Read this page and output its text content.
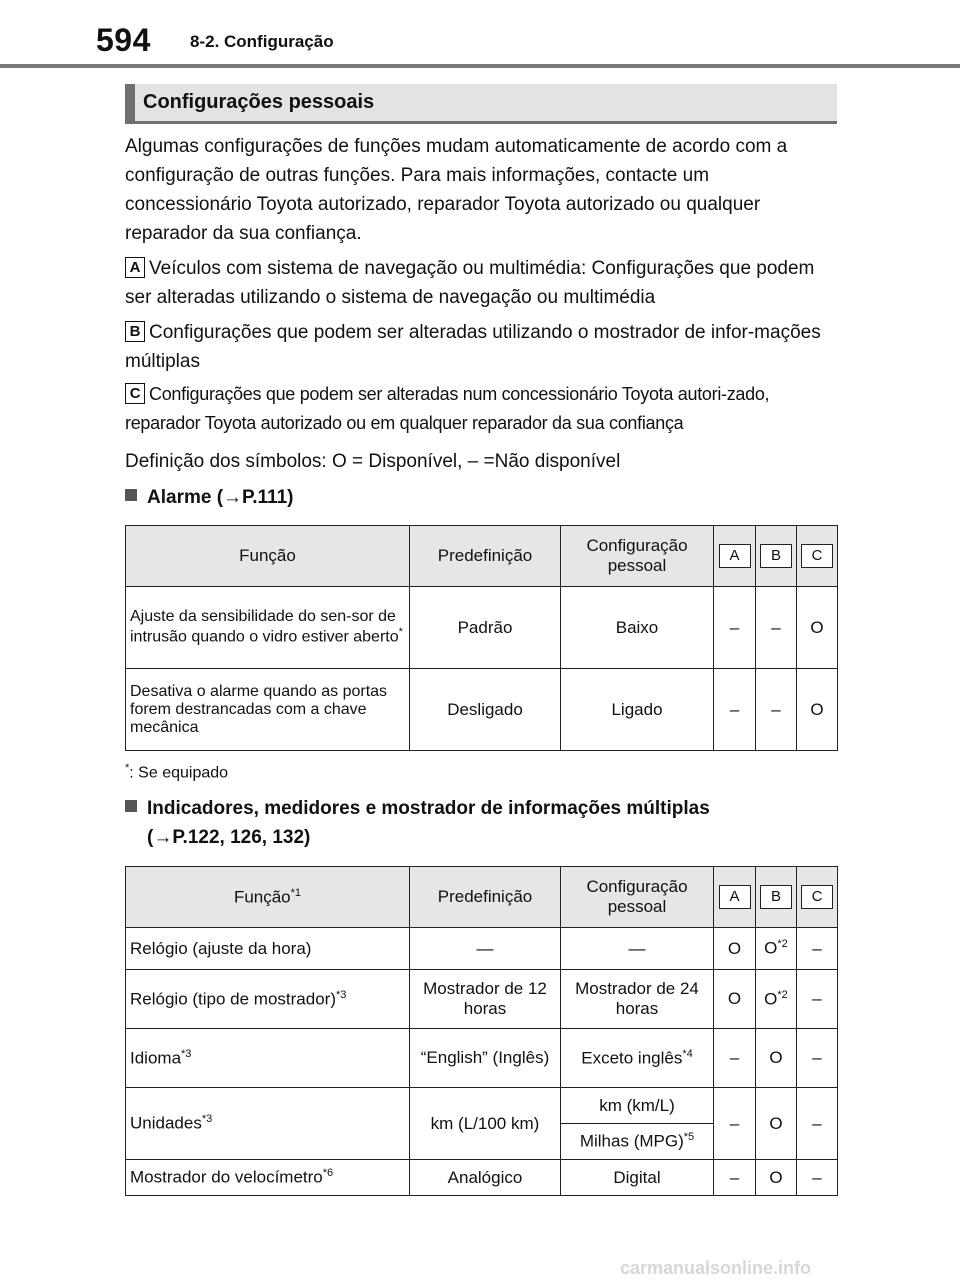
594 8-2. Configuração
Configurações pessoais

Algumas configurações de funções mudam automaticamente de acordo com a configuração de outras funções. Para mais informações, contacte um concessionário Toyota autorizado, reparador Toyota autorizado ou qualquer reparador da sua confiança.

A Veículos com sistema de navegação ou multimédia: Configurações que podem ser alteradas utilizando o sistema de navegação ou multimédia

B Configurações que podem ser alteradas utilizando o mostrador de infor-mações múltiplas

C Configurações que podem ser alteradas num concessionário Toyota autori-zado, reparador Toyota autorizado ou em qualquer reparador da sua confiança

Definição dos símbolos: O = Disponível, – =Não disponível

Alarme (→P.111)
Função	Predefinição	Configuração pessoal	A	B	C
Ajuste da sensibilidade do sen-sor de intrusão quando o vidro estiver aberto*	Padrão	Baixo	–	–	O
Desativa o alarme quando as portas forem destrancadas com a chave mecânica	Desligado	Ligado	–	–	O
*: Se equipado
Indicadores, medidores e mostrador de informações múltiplas
(→P.122, 126, 132)
Função$^{*1}$	Predefinição	Configuração pessoal	A	B	C
Relógio (ajuste da hora)	—	—	O	$O^{*2}$	–
Relógio (tipo de mostrador)$^{*3}$	Mostrador de 12 horas	Mostrador de 24 horas	O	$O^{*2}$	–
Idioma$^{*3}$	“English” (Inglês)	Exceto inglês$^{*4}$	–	O	–
Unidades$^{*3}$	km (L/100 km)	km (km/L)	–	O	–
		Milhas (MPG)$^{*5}$
Mostrador do velocímetro$^{*6}$	Analógico	Digital	–	O	–
carmanualsonline.info
